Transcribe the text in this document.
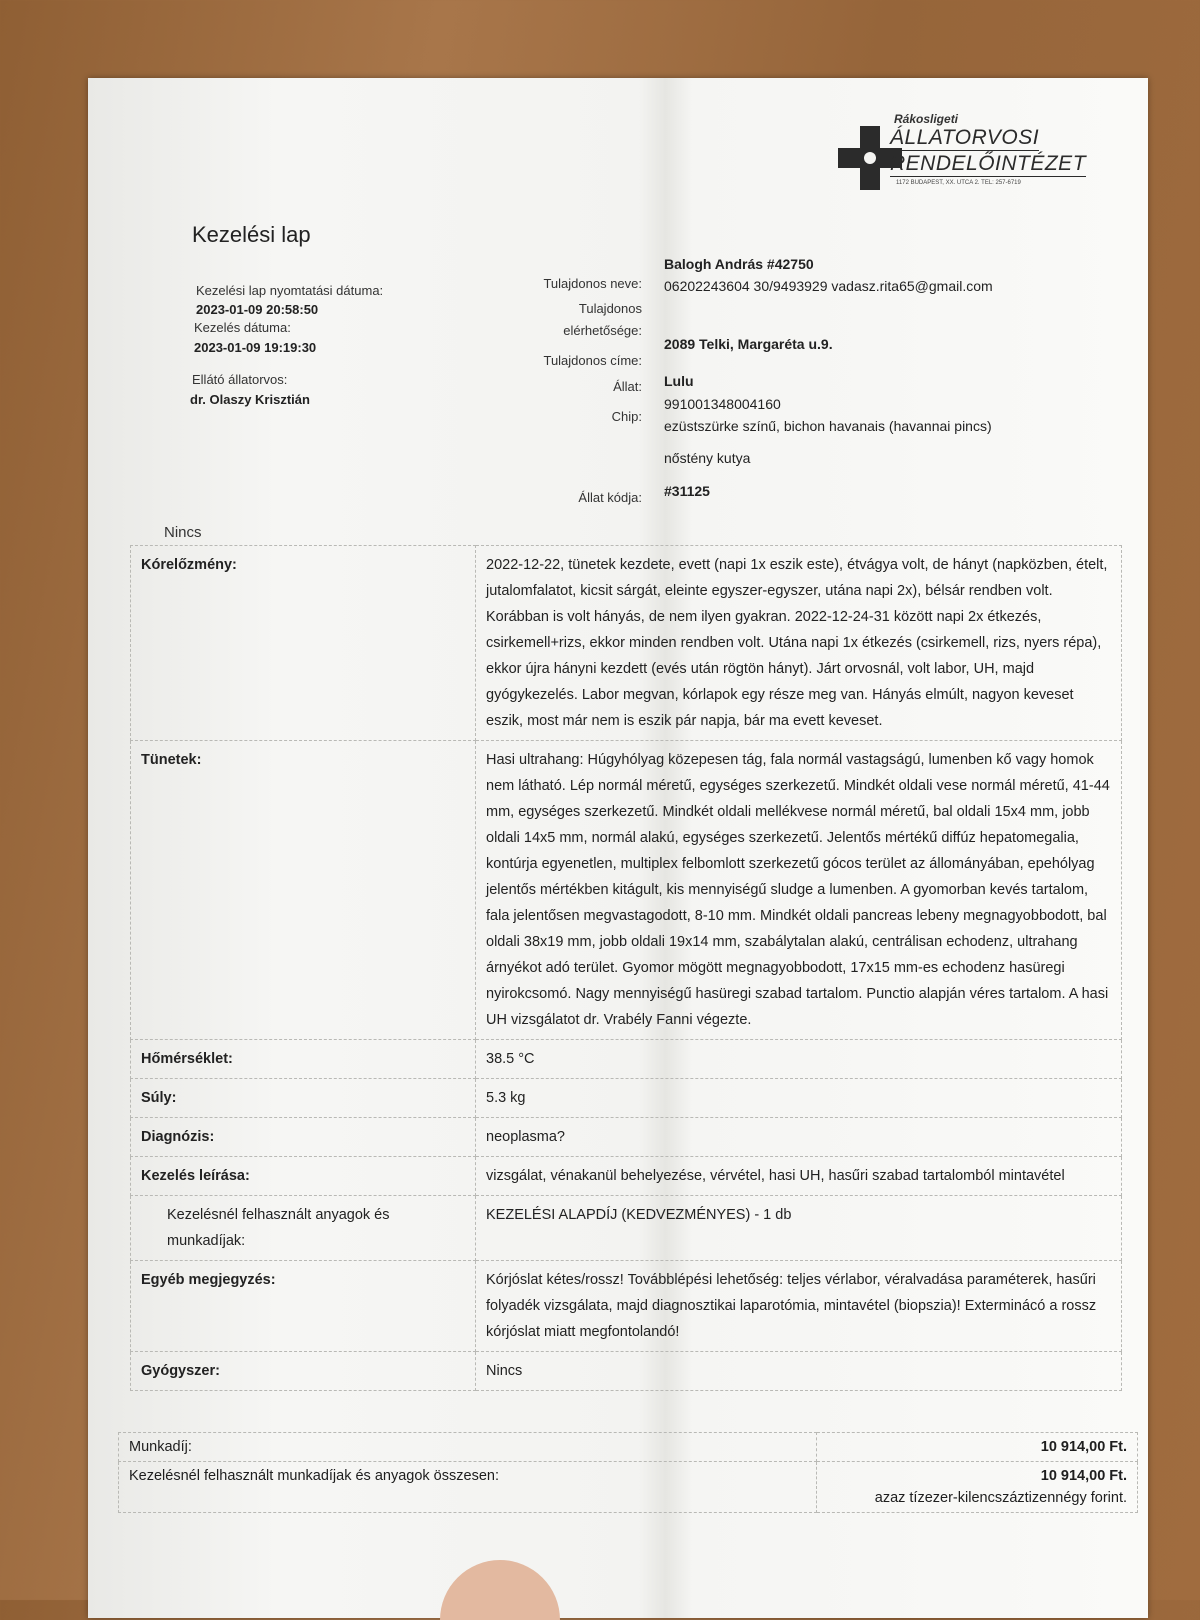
Rákosligeti
ÁLLATORVOSI
RENDELŐINTÉZET
1172 BUDAPEST, XX. UTCA 2. TEL: 257-6719
Kezelési lap
Kezelési lap nyomtatási dátuma:
2023-01-09 20:58:50
Kezelés dátuma:
2023-01-09 19:19:30
Ellátó állatorvos:
dr. Olaszy Krisztián
Tulajdonos neve:
Balogh András #42750
Tulajdonos
elérhetősége:
06202243604 30/9493929 vadasz.rita65@gmail.com
Tulajdonos címe:
2089 Telki, Margaréta u.9.
Állat: Lulu
Chip:
991001348004160
ezüstszürke színű, bichon havanais (havannai pincs)
nőstény kutya
Állat kódja: #31125
Nincs
Kórelőzmény:	2022-12-22, tünetek kezdete, evett (napi 1x eszik este), étvágya volt, de hányt (napközben, ételt, jutalomfalatot, kicsit sárgát, eleinte egyszer-egyszer, utána napi 2x), bélsár rendben volt. Korábban is volt hányás, de nem ilyen gyakran. 2022-12-24-31 között napi 2x étkezés, csirkemell+rizs, ekkor minden rendben volt. Utána napi 1x étkezés (csirkemell, rizs, nyers répa), ekkor újra hányni kezdett (evés után rögtön hányt). Járt orvosnál, volt labor, UH, majd gyógykezelés. Labor megvan, kórlapok egy része meg van. Hányás elmúlt, nagyon keveset eszik, most már nem is eszik pár napja, bár ma evett keveset.
Tünetek:	Hasi ultrahang: Húgyhólyag közepesen tág, fala normál vastagságú, lumenben kő vagy homok nem látható. Lép normál méretű, egységes szerkezetű. Mindkét oldali vese normál méretű, 41-44 mm, egységes szerkezetű. Mindkét oldali mellékvese normál méretű, bal oldali 15x4 mm, jobb oldali 14x5 mm, normál alakú, egységes szerkezetű. Jelentős mértékű diffúz hepatomegalia, kontúrja egyenetlen, multiplex felbomlott szerkezetű gócos terület az állományában, epehólyag jelentős mértékben kitágult, kis mennyiségű sludge a lumenben. A gyomorban kevés tartalom, fala jelentősen megvastagodott, 8-10 mm. Mindkét oldali pancreas lebeny megnagyobbodott, bal oldali 38x19 mm, jobb oldali 19x14 mm, szabálytalan alakú, centrálisan echodenz, ultrahang árnyékot adó terület. Gyomor mögött megnagyobbodott, 17x15 mm-es echodenz hasüregi nyirokcsomó. Nagy mennyiségű hasüregi szabad tartalom. Punctio alapján véres tartalom. A hasi UH vizsgálatot dr. Vrabély Fanni végezte.
Hőmérséklet:	38.5 °C
Súly:	5.3 kg
Diagnózis:	neoplasma?
Kezelés leírása:	vizsgálat, vénakanül behelyezése, vérvétel, hasi UH, hasűri szabad tartalomból mintavétel
Kezelésnél felhasznált anyagok és munkadíjak:	KEZELÉSI ALAPDÍJ (KEDVEZMÉNYES) - 1 db
Egyéb megjegyzés:	Kórjóslat kétes/rossz! Továbblépési lehetőség: teljes vérlabor, véralvadása paraméterek, hasűri folyadék vizsgálata, majd diagnosztikai laparotómia, mintavétel (biopszia)! Exterminácó a rossz kórjóslat miatt megfontolandó!
Gyógyszer:	Nincs
Munkadíj:	10 914,00 Ft.
Kezelésnél felhasznált munkadíjak és anyagok összesen:	10 914,00 Ft.
azaz tízezer-kilencszáztizennégy forint.
